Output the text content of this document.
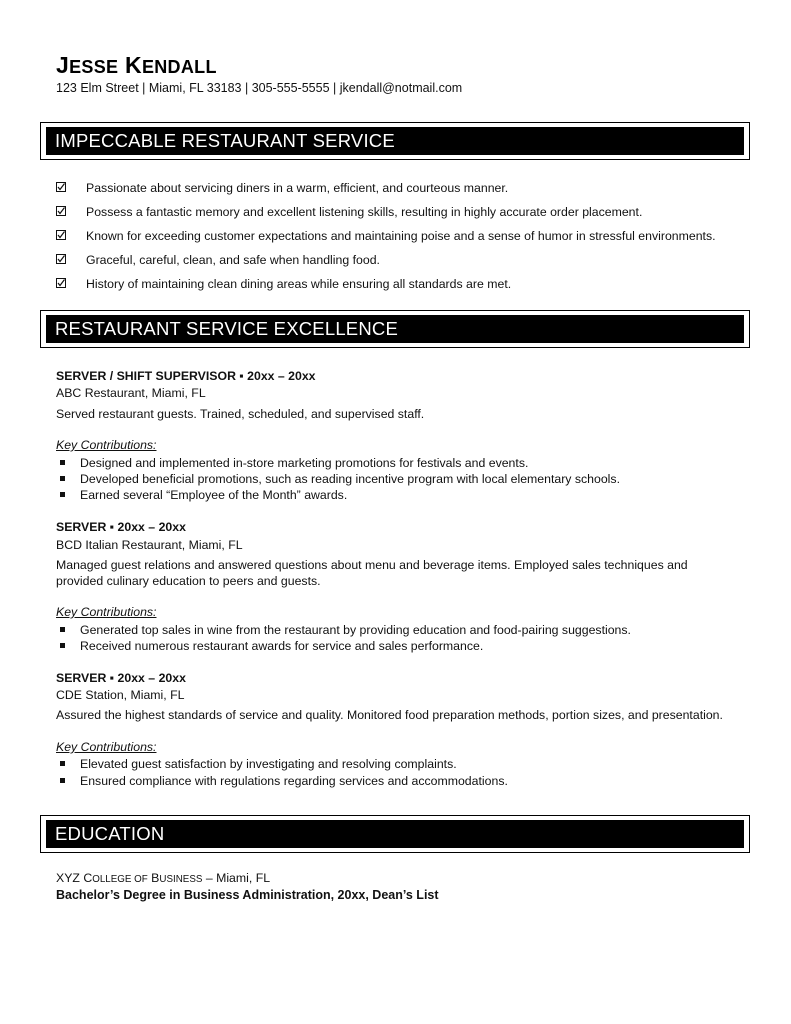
JESSE KENDALL
123 Elm Street | Miami, FL 33183 | 305-555-5555 | jkendall@notmail.com
IMPECCABLE RESTAURANT SERVICE
Passionate about servicing diners in a warm, efficient, and courteous manner.
Possess a fantastic memory and excellent listening skills, resulting in highly accurate order placement.
Known for exceeding customer expectations and maintaining poise and a sense of humor in stressful environments.
Graceful, careful, clean, and safe when handling food.
History of maintaining clean dining areas while ensuring all standards are met.
RESTAURANT SERVICE EXCELLENCE
SERVER / SHIFT SUPERVISOR ▪ 20xx – 20xx
ABC Restaurant, Miami, FL
Served restaurant guests. Trained, scheduled, and supervised staff.
Key Contributions:
Designed and implemented in-store marketing promotions for festivals and events.
Developed beneficial promotions, such as reading incentive program with local elementary schools.
Earned several “Employee of the Month” awards.
SERVER ▪ 20xx – 20xx
BCD Italian Restaurant, Miami, FL
Managed guest relations and answered questions about menu and beverage items. Employed sales techniques and provided culinary education to peers and guests.
Key Contributions:
Generated top sales in wine from the restaurant by providing education and food-pairing suggestions.
Received numerous restaurant awards for service and sales performance.
SERVER ▪ 20xx – 20xx
CDE Station, Miami, FL
Assured the highest standards of service and quality. Monitored food preparation methods, portion sizes, and presentation.
Key Contributions:
Elevated guest satisfaction by investigating and resolving complaints.
Ensured compliance with regulations regarding services and accommodations.
EDUCATION
XYZ COLLEGE OF BUSINESS – Miami, FL
Bachelor’s Degree in Business Administration, 20xx, Dean’s List
